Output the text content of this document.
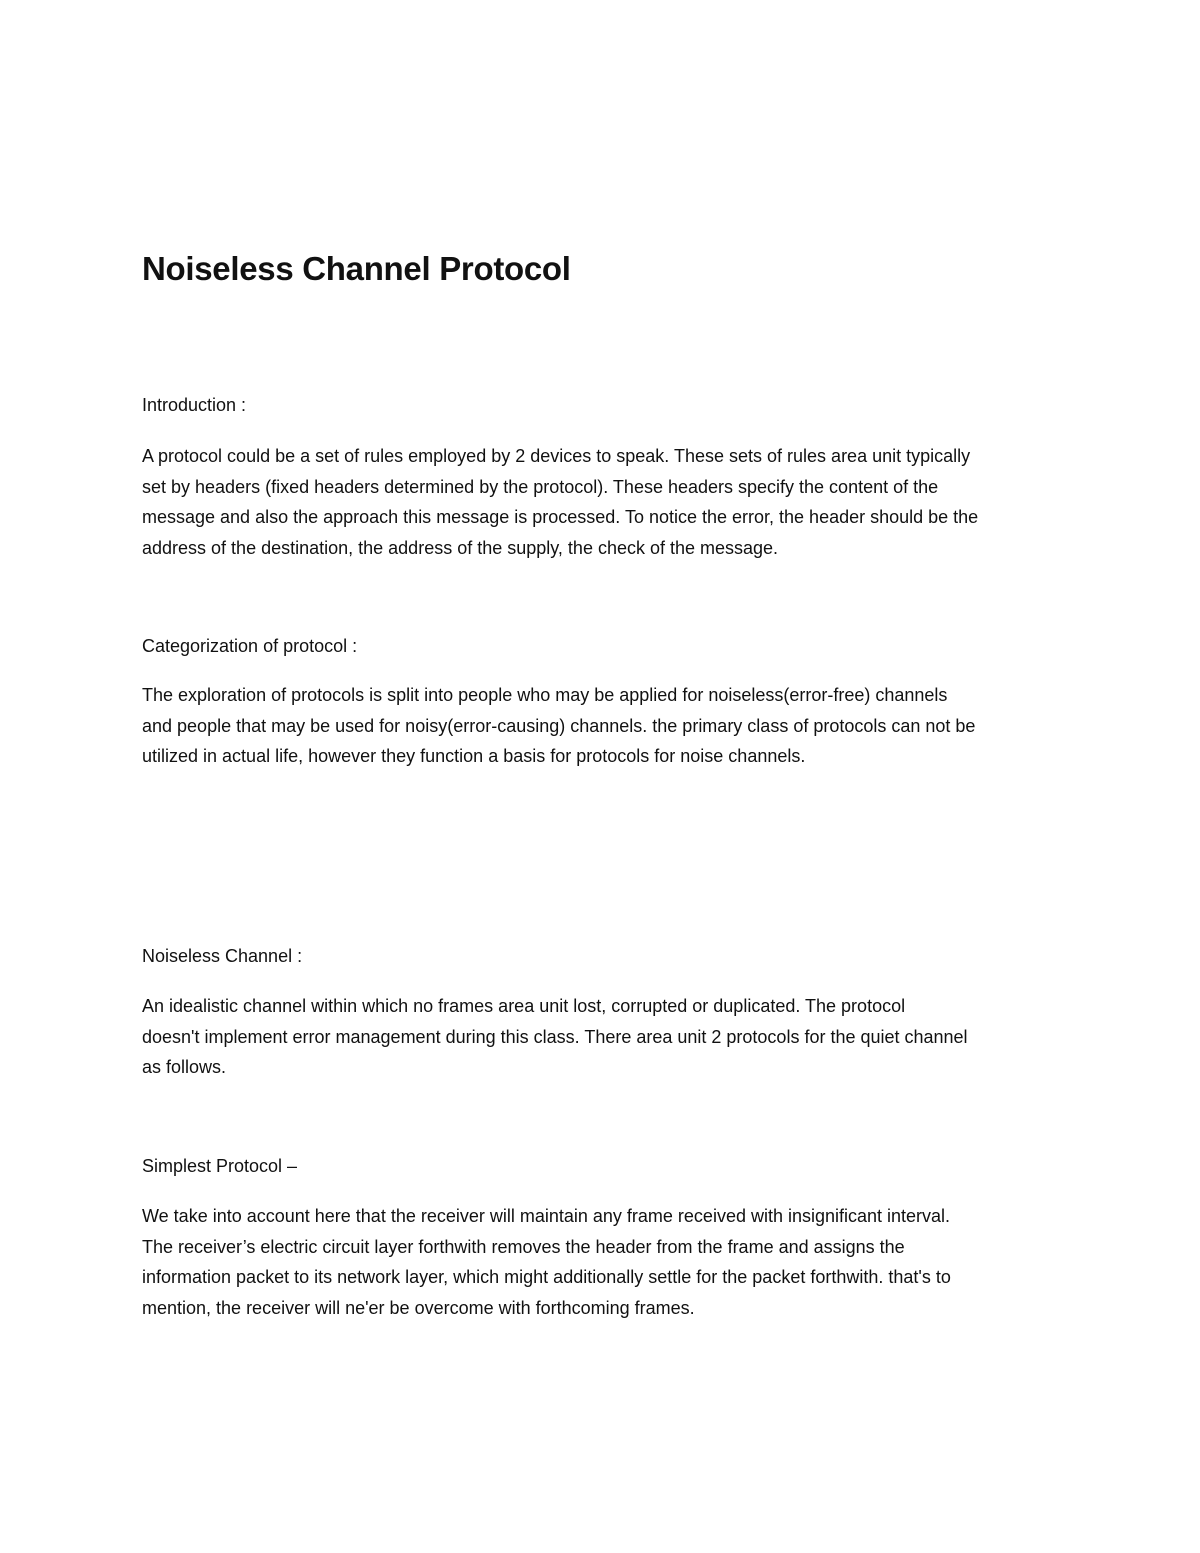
Noiseless Channel Protocol

Introduction :

A protocol could be a set of rules employed by 2 devices to speak. These sets of rules area unit typically
set by headers (fixed headers determined by the protocol). These headers specify the content of the
message and also the approach this message is processed. To notice the error, the header should be the
address of the destination, the address of the supply, the check of the message.

Categorization of protocol :

The exploration of protocols is split into people who may be applied for noiseless(error-free) channels
and people that may be used for noisy(error-causing) channels. the primary class of protocols can not be
utilized in actual life, however they function a basis for protocols for noise channels.

Noiseless Channel :

An idealistic channel within which no frames area unit lost, corrupted or duplicated. The protocol
doesn't implement error management during this class. There area unit 2 protocols for the quiet channel
as follows.

Simplest Protocol –

We take into account here that the receiver will maintain any frame received with insignificant interval.
The receiver’s electric circuit layer forthwith removes the header from the frame and assigns the
information packet to its network layer, which might additionally settle for the packet forthwith. that's to
mention, the receiver will ne'er be overcome with forthcoming frames.
